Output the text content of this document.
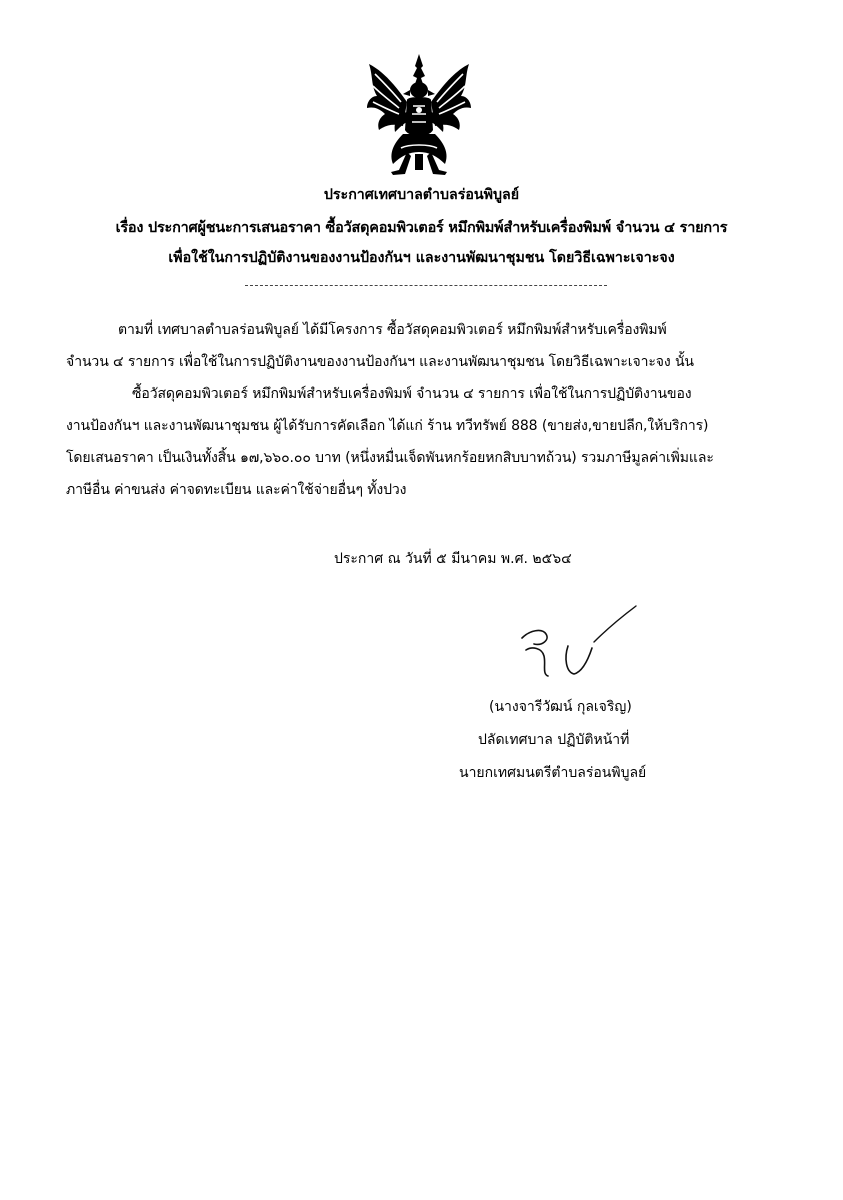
ประกาศเทศบาลตำบลร่อนพิบูลย์
เรื่อง ประกาศผู้ชนะการเสนอราคา ซื้อวัสดุคอมพิวเตอร์ หมึกพิมพ์สำหรับเครื่องพิมพ์ จำนวน ๔ รายการ
เพื่อใช้ในการปฏิบัติงานของงานป้องกันฯ และงานพัฒนาชุมชน โดยวิธีเฉพาะเจาะจง
ตามที่ เทศบาลตำบลร่อนพิบูลย์ ได้มีโครงการ ซื้อวัสดุคอมพิวเตอร์ หมึกพิมพ์สำหรับเครื่องพิมพ์
จำนวน ๔ รายการ เพื่อใช้ในการปฏิบัติงานของงานป้องกันฯ และงานพัฒนาชุมชน โดยวิธีเฉพาะเจาะจง นั้น
ซื้อวัสดุคอมพิวเตอร์ หมึกพิมพ์สำหรับเครื่องพิมพ์ จำนวน ๔ รายการ เพื่อใช้ในการปฏิบัติงานของ
งานป้องกันฯ และงานพัฒนาชุมชน ผู้ได้รับการคัดเลือก ได้แก่ ร้าน ทวีทรัพย์ 888 (ขายส่ง,ขายปลีก,ให้บริการ)
โดยเสนอราคา เป็นเงินทั้งสิ้น ๑๗,๖๖๐.๐๐ บาท (หนึ่งหมื่นเจ็ดพันหกร้อยหกสิบบาทถ้วน) รวมภาษีมูลค่าเพิ่มและ
ภาษีอื่น ค่าขนส่ง ค่าจดทะเบียน และค่าใช้จ่ายอื่นๆ ทั้งปวง
ประกาศ ณ วันที่ ๕ มีนาคม พ.ศ. ๒๕๖๔
(นางจารีวัฒน์ กุลเจริญ)
ปลัดเทศบาล ปฏิบัติหน้าที่
นายกเทศมนตรีตำบลร่อนพิบูลย์
